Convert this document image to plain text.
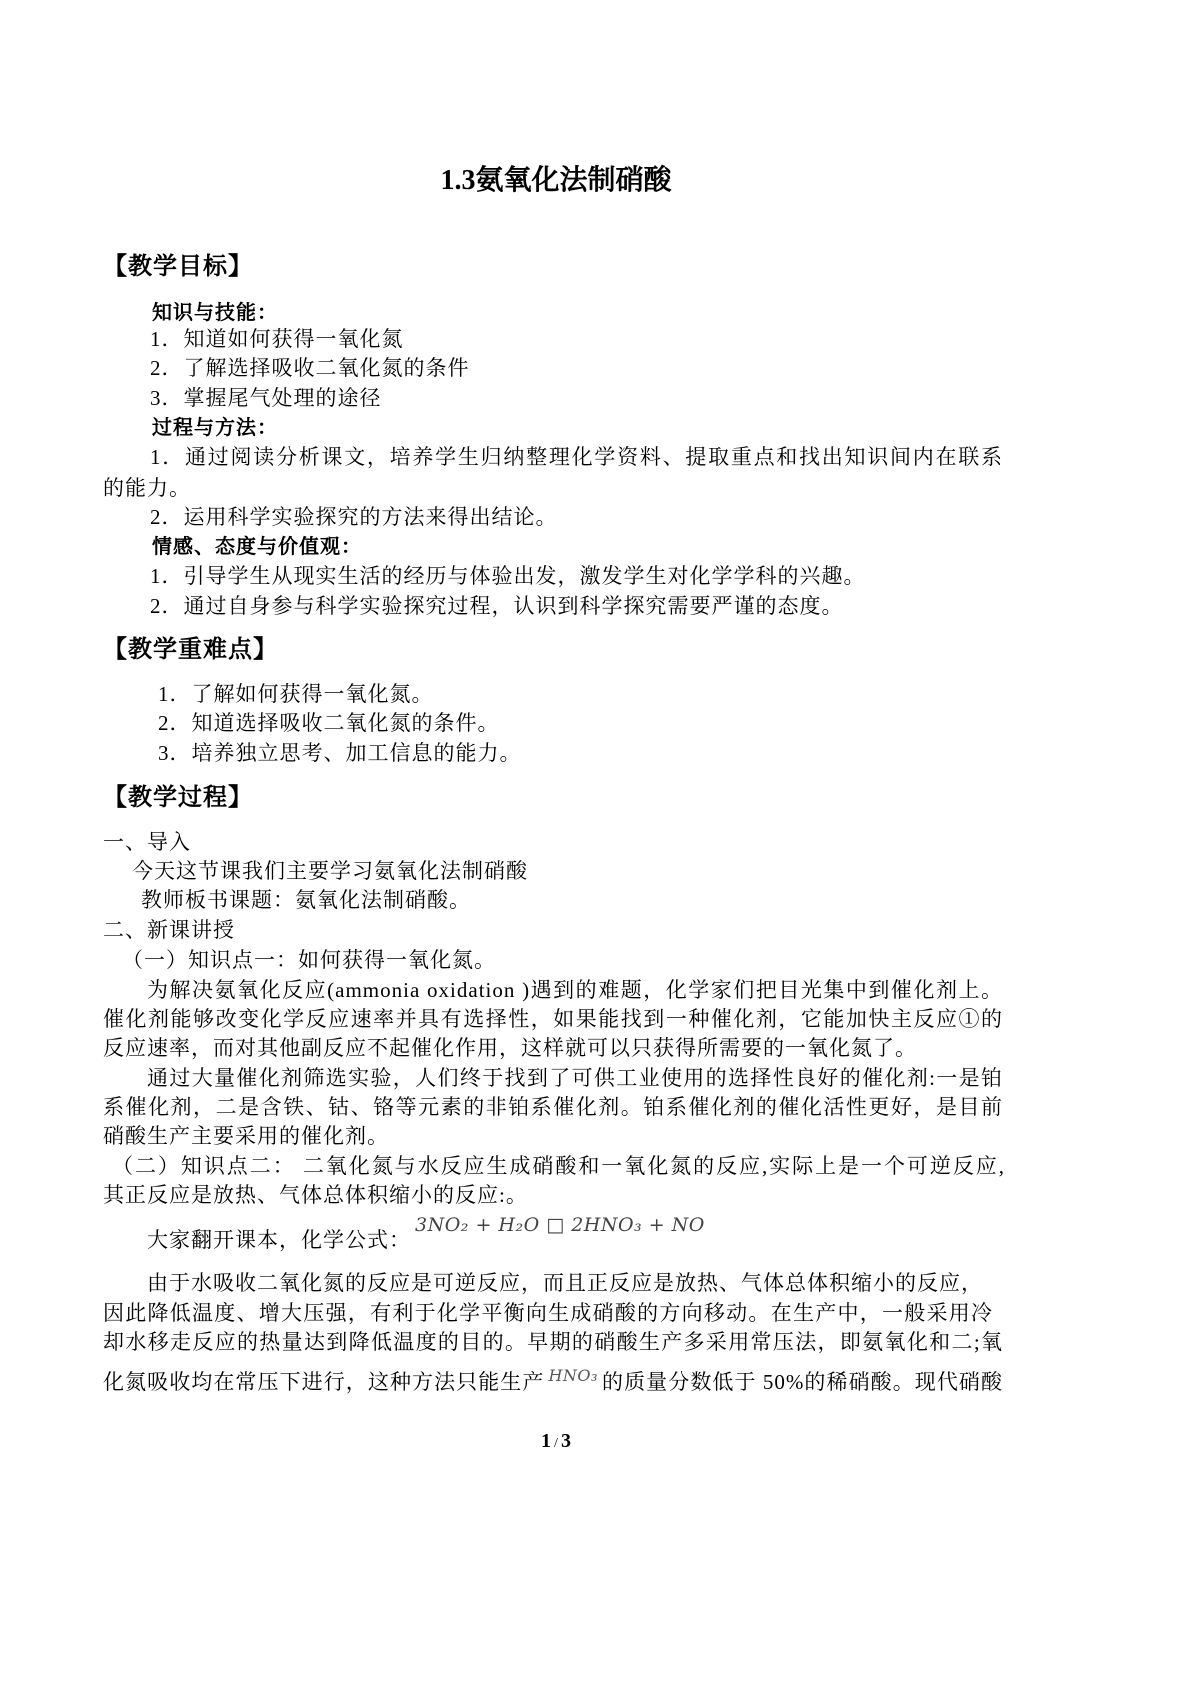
1.3氨氧化法制硝酸
【教学目标】
知识与技能：
1．知道如何获得一氧化氮
2．了解选择吸收二氧化氮的条件
3．掌握尾气处理的途径
过程与方法：
1．通过阅读分析课文，培养学生归纳整理化学资料、提取重点和找出知识间内在联系
的能力。
2．运用科学实验探究的方法来得出结论。
情感、态度与价值观：
1．引导学生从现实生活的经历与体验出发，激发学生对化学学科的兴趣。
2．通过自身参与科学实验探究过程，认识到科学探究需要严谨的态度。
【教学重难点】
1．了解如何获得一氧化氮。
2．知道选择吸收二氧化氮的条件。
3．培养独立思考、加工信息的能力。
【教学过程】
一、导入
今天这节课我们主要学习氨氧化法制硝酸
教师板书课题：氨氧化法制硝酸。
二、新课讲授
（一）知识点一：如何获得一氧化氮。
为解决氨氧化反应(ammonia oxidation )遇到的难题，化学家们把目光集中到催化剂上。
催化剂能够改变化学反应速率并具有选择性，如果能找到一种催化剂，它能加快主反应①的
反应速率，而对其他副反应不起催化作用，这样就可以只获得所需要的一氧化氮了。
通过大量催化剂筛选实验，人们终于找到了可供工业使用的选择性良好的催化剂:一是铂
系催化剂，二是含铁、钴、铬等元素的非铂系催化剂。铂系催化剂的催化活性更好，是目前
硝酸生产主要采用的催化剂。
（二）知识点二： 二氧化氮与水反应生成硝酸和一氧化氮的反应,实际上是一个可逆反应,
其正反应是放热、气体总体积缩小的反应:。
3NO₂ + H₂O □ 2HNO₃ + NO
大家翻开课本，化学公式：
由于水吸收二氧化氮的反应是可逆反应，而且正反应是放热、气体总体积缩小的反应，
因此降低温度、增大压强，有利于化学平衡向生成硝酸的方向移动。在生产中，一般采用冷
却水移走反应的热量达到降低温度的目的。早期的硝酸生产多采用常压法，即氨氧化和二;氧
化氮吸收均在常压下进行，这种方法只能生产 $^{HNO_3}$ 的质量分数低于 50%的稀硝酸。现代硝酸
1 / 3
